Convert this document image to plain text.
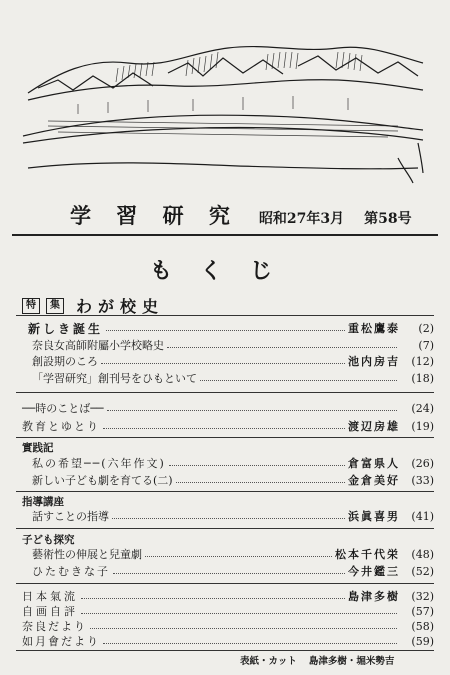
学 習 研 究 昭和27年3月 第58号
もくじ
特	集 わが校史
新しき誕生	重松鷹泰	(2)
奈良女高師附屬小学校略史	(7)
創設期のころ	池内房吉	(12)
「学習研究」創刊号をひもといて	(18)
──時のことば──	(24)
教育とゆとり	渡辺房雄	(19)
實践記
私の希望──(六年作文)	倉富県人	(26)
新しい子ども劇を育てる(二)	金倉美好	(33)
指導講座
話すことの指導	浜眞喜男	(41)
子ども探究
藝術性の伸展と兒童劇	松本千代栄	(48)
ひたむきな子	今井鑑三	(52)
日本氣流	島津多樹	(32)
自画自評	(57)
奈良だより	(58)
如月會だより	(59)
表紙・カット 島津多樹・堀米勢吉
